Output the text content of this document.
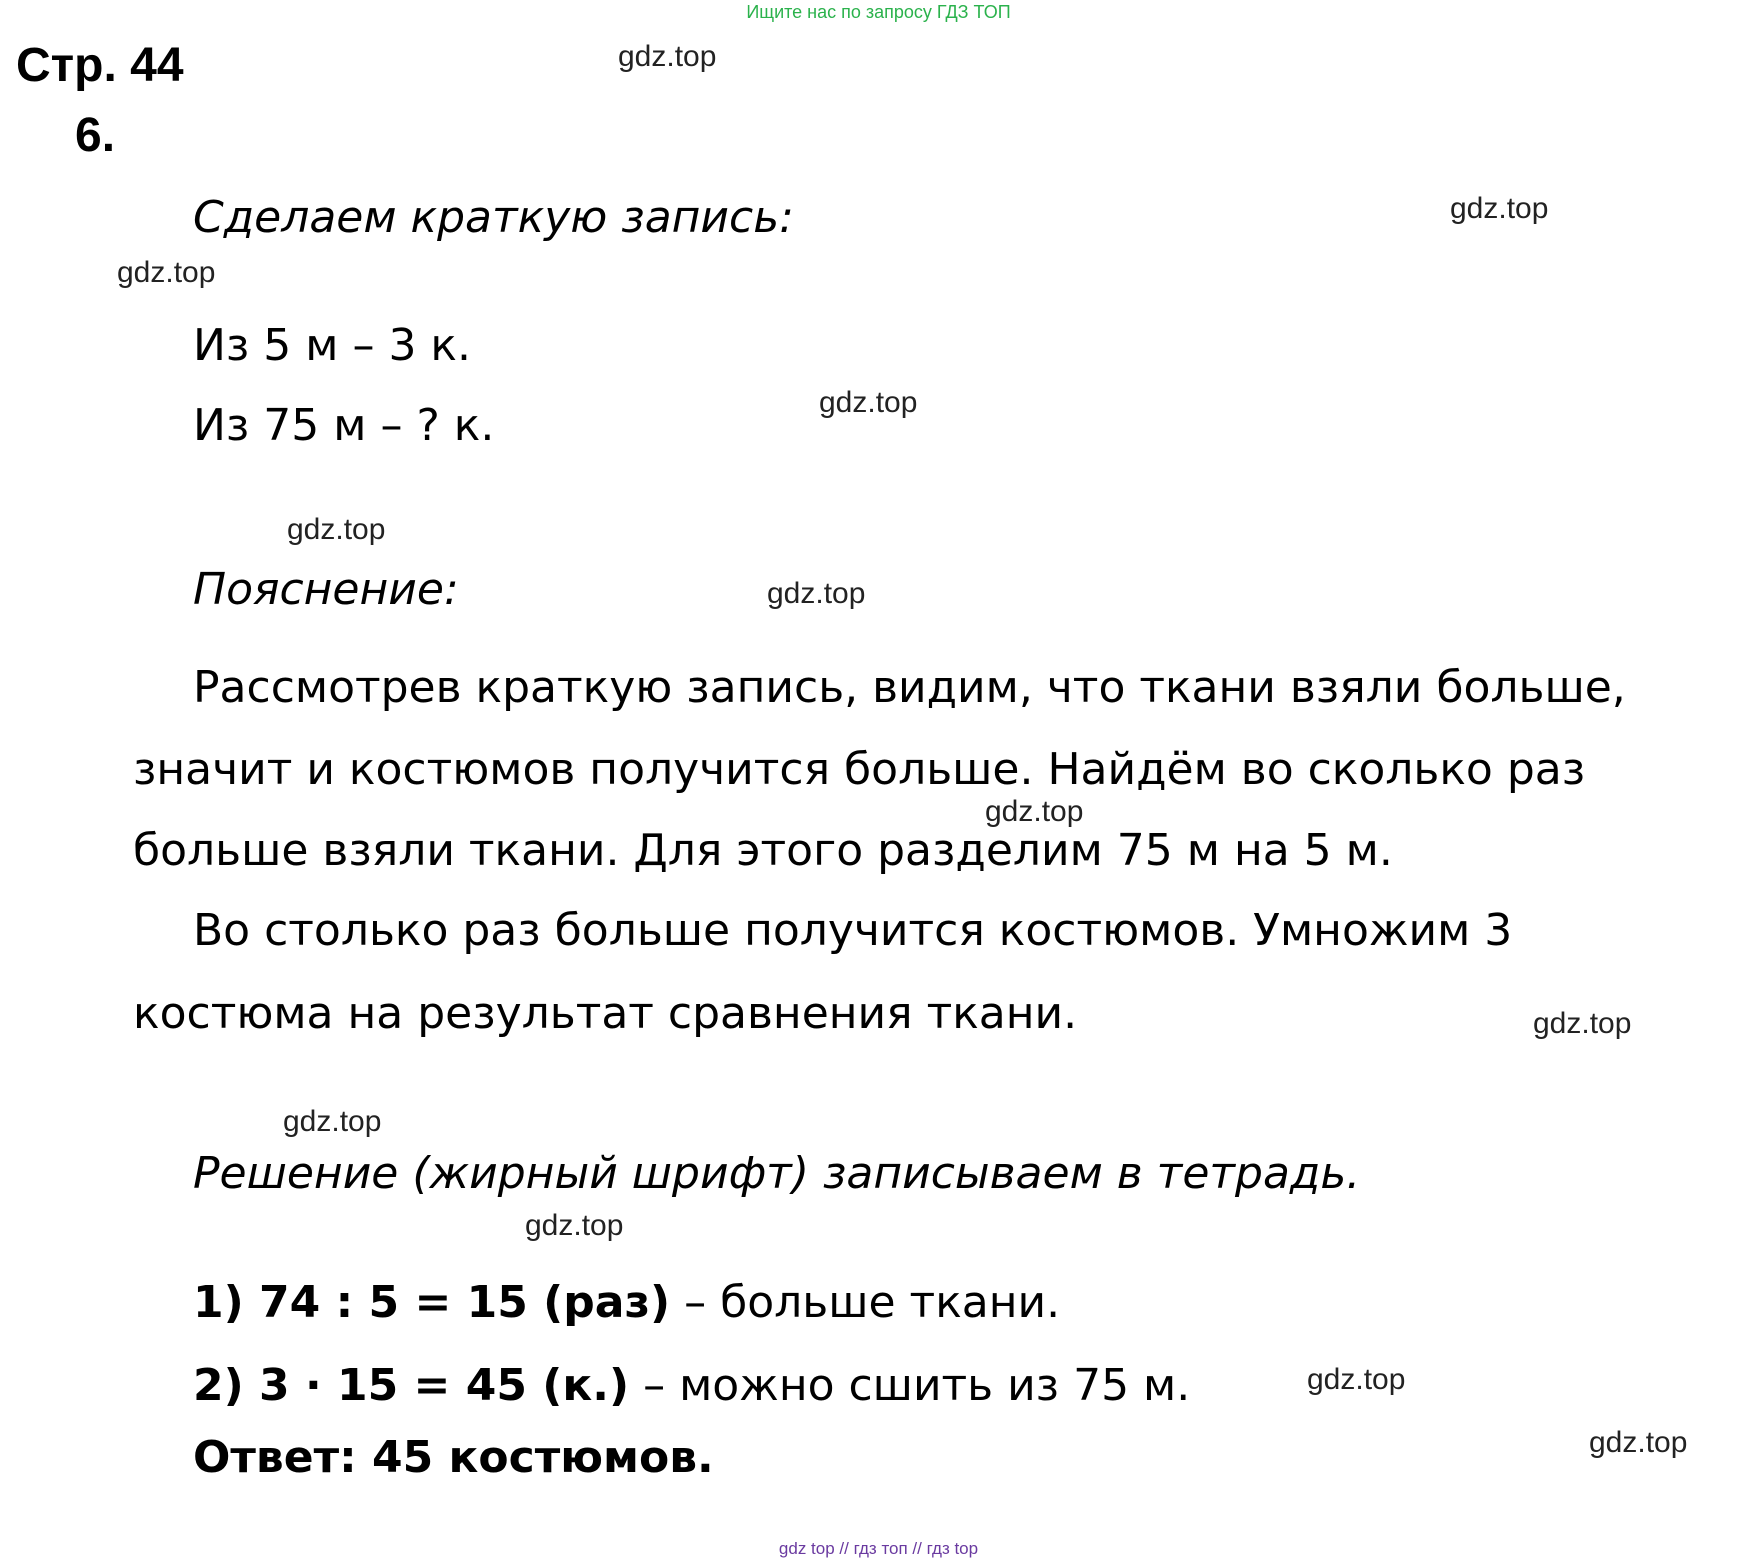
Ищите нас по запросу ГДЗ ТОП
Стр. 44
6.
gdz.top
gdz.top
gdz.top
gdz.top
gdz.top
gdz.top
gdz.top
gdz.top
gdz.top
gdz.top
gdz.top
gdz.top
Сделаем краткую запись:
Из 5 м – 3 к.
Из 75 м – ? к.
Пояснение:
Рассмотрев краткую запись, видим, что ткани взяли больше,
значит и костюмов получится больше. Найдём во сколько раз
больше взяли ткани. Для этого разделим 75 м на 5 м.
Во столько раз больше получится костюмов. Умножим 3
костюма на результат сравнения ткани.
Решение (жирный шрифт) записываем в тетрадь.
1) 74 : 5 = 15 (раз) – больше ткани.
2) 3 · 15 = 45 (к.) – можно сшить из 75 м.
Ответ: 45 костюмов.
gdz top // гдз топ // гдз top
